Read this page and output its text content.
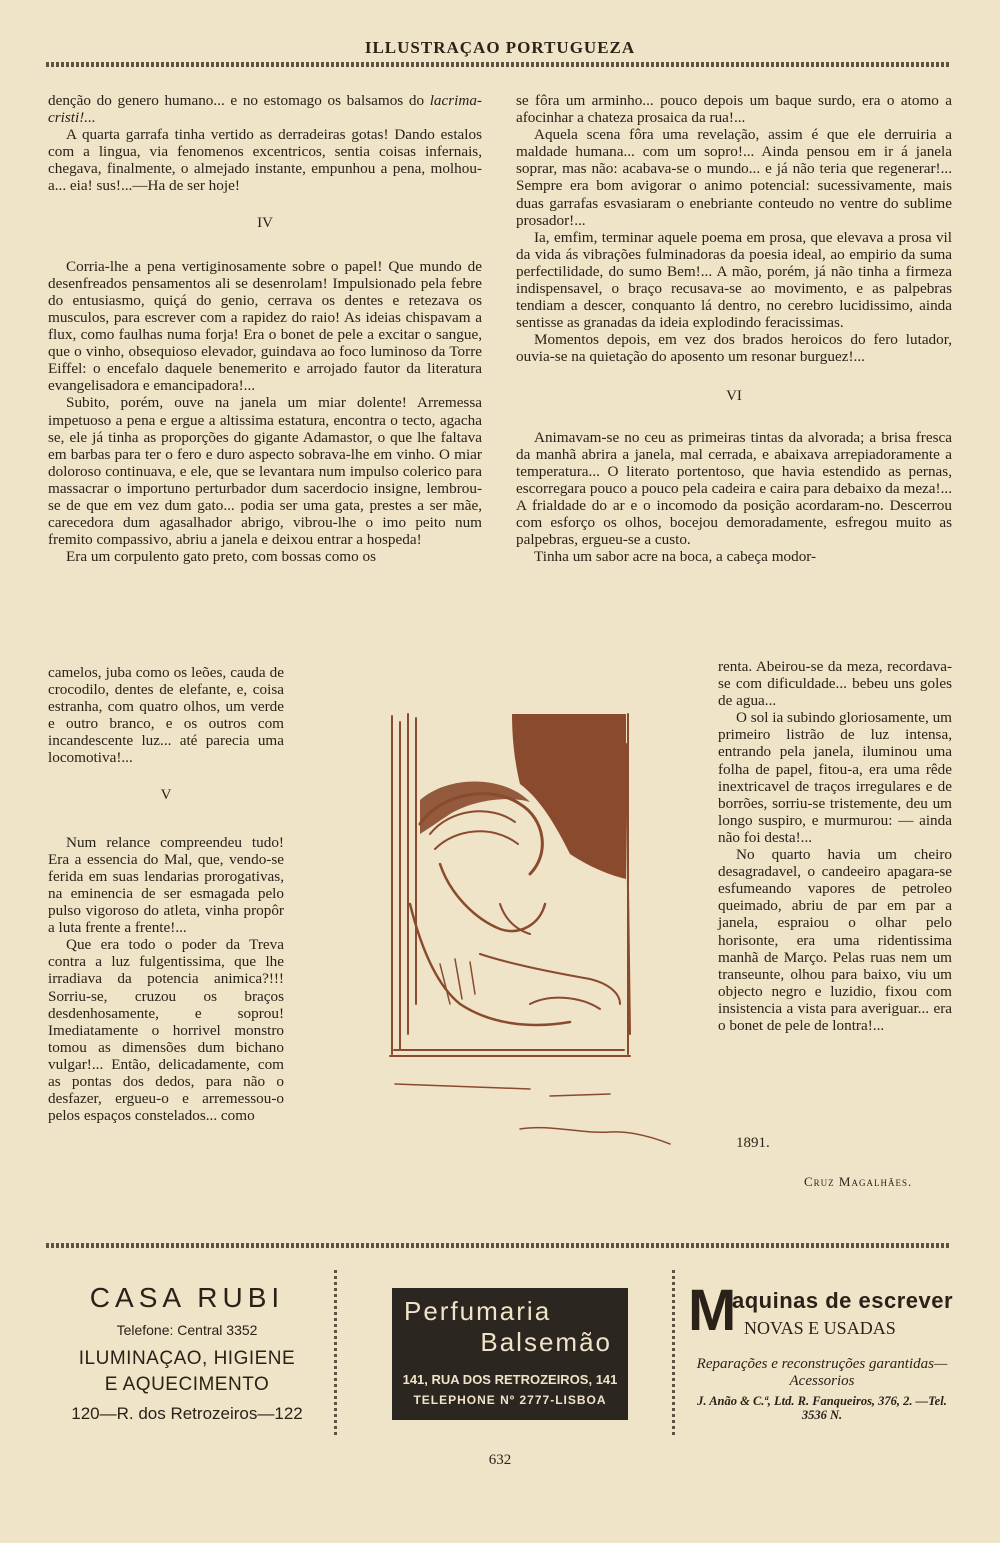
ILLUSTRAÇAO PORTUGUEZA

denção do genero humano... e no estomago os balsamos do lacrima-cristi!...

A quarta garrafa tinha vertido as derradeiras gotas! Dando estalos com a lingua, via fenomenos excentricos, sentia coisas infernais, chegava, finalmente, o almejado instante, empunhou a pena, molhou-a... eia! sus!...—Ha de ser hoje!

IV

Corria-lhe a pena vertiginosamente sobre o papel! Que mundo de desenfreados pensamentos ali se desenrolam! Impulsionado pela febre do entusiasmo, quiçá do genio, cerrava os dentes e retezava os musculos, para escrever com a rapidez do raio! As ideias chispavam a flux, como faulhas numa forja! Era o bonet de pele a excitar o sangue, que o vinho, obsequioso elevador, guindava ao foco luminoso da Torre Eiffel: o encefalo daquele benemerito e arrojado fautor da literatura evangelisadora e emancipadora!...

Subito, porém, ouve na janela um miar dolente! Arremessa impetuoso a pena e ergue a altissima estatura, encontra o tecto, agacha se, ele já tinha as proporções do gigante Adamastor, o que lhe faltava em barbas para ter o fero e duro aspecto sobrava-lhe em vinho. O miar doloroso continuava, e ele, que se levantara num impulso colerico para massacrar o importuno perturbador dum sacerdocio insigne, lembrou-se de que em vez dum gato... podia ser uma gata, prestes a ser mãe, carecedora dum agasalhador abrigo, vibrou-lhe o imo peito num fremito compassivo, abriu a janela e deixou entrar a hospeda!

Era um corpulento gato preto, com bossas como os

camelos, juba como os leões, cauda de crocodilo, dentes de elefante, e, coisa estranha, com quatro olhos, um verde e outro branco, e os outros com incandescente luz... até parecia uma locomotiva!...

V

Num relance compreendeu tudo! Era a essencia do Mal, que, vendo-se ferida em suas lendarias prorogativas, na eminencia de ser esmagada pelo pulso vigoroso do atleta, vinha propôr a luta frente a frente!...

Que era todo o poder da Treva contra a luz fulgentissima, que lhe irradiava da potencia animica?!!! Sorriu-se, cruzou os braços desdenhosamente, e soprou! Imediatamente o horrivel monstro tomou as dimensões dum bichano vulgar!... Então, delicadamente, com as pontas dos dedos, para não o desfazer, ergueu-o e arremessou-o pelos espaços constelados... como

se fôra um arminho... pouco depois um baque surdo, era o atomo a afocinhar a chateza prosaica da rua!...

Aquela scena fôra uma revelação, assim é que ele derruiria a maldade humana... com um sopro!... Ainda pensou em ir á janela soprar, mas não: acabava-se o mundo... e já não teria que regenerar!... Sempre era bom avigorar o animo potencial: sucessivamente, mais duas garrafas esvasiaram o enebriante conteudo no ventre do sublime prosador!...

Ia, emfim, terminar aquele poema em prosa, que elevava a prosa vil da vida ás vibrações fulminadoras da poesia ideal, ao empirio da suma perfectilidade, do sumo Bem!... A mão, porém, já não tinha a firmeza indispensavel, o braço recusava-se ao movimento, e as palpebras tendiam a descer, conquanto lá dentro, no cerebro lucidissimo, ainda sentisse as granadas da ideia explodindo feracissimas.

Momentos depois, em vez dos brados heroicos do fero lutador, ouvia-se na quietação do aposento um resonar burguez!...

VI

Animavam-se no ceu as primeiras tintas da alvorada; a brisa fresca da manhã abrira a janela, mal cerrada, e abaixava arrepiadoramente a temperatura... O literato portentoso, que havia estendido as pernas, escorregara pouco a pouco pela cadeira e caira para debaixo da meza!... A frialdade do ar e o incomodo da posição acordaram-no. Descerrou com esforço os olhos, bocejou demoradamente, esfregou muito as palpebras, ergueu-se a custo.

Tinha um sabor acre na boca, a cabeça modor-

renta. Abeirou-se da meza, recordava-se com dificuldade... bebeu uns goles de agua...

O sol ia subindo gloriosamente, um primeiro listrão de luz intensa, entrando pela janela, iluminou uma folha de papel, fitou-a, era uma rêde inextricavel de traços irregulares e de borrões, sorriu-se tristemente, deu um longo suspiro, e murmurou: — ainda não foi desta!...

No quarto havia um cheiro desagradavel, o candeeiro apagara-se esfumeando vapores de petroleo queimado, abriu de par em par a janela, espraiou o olhar pelo horisonte, era uma ridentissima manhã de Março. Pelas ruas nem um transeunte, olhou para baixo, viu um objecto negro e luzidio, fixou com insistencia a vista para averiguar... era o bonet de pele de lontra!...

1891.
Cruz Magalhães.
CASA RUBI
Telefone: Central 3352
ILUMINAÇAO, HIGIENE
E AQUECIMENTO
120—R. dos Retrozeiros—122
Perfumaria
Balsemão
141, RUA DOS RETROZEIROS, 141
TELEPHONE Nº 2777-LISBOA
M
aquinas de escrever
NOVAS E USADAS
Reparações e reconstruções garantidas—Acessorios
J. Anão & C.ª, Ltd. R. Fanqueiros, 376, 2. —Tel. 3536 N.
632
